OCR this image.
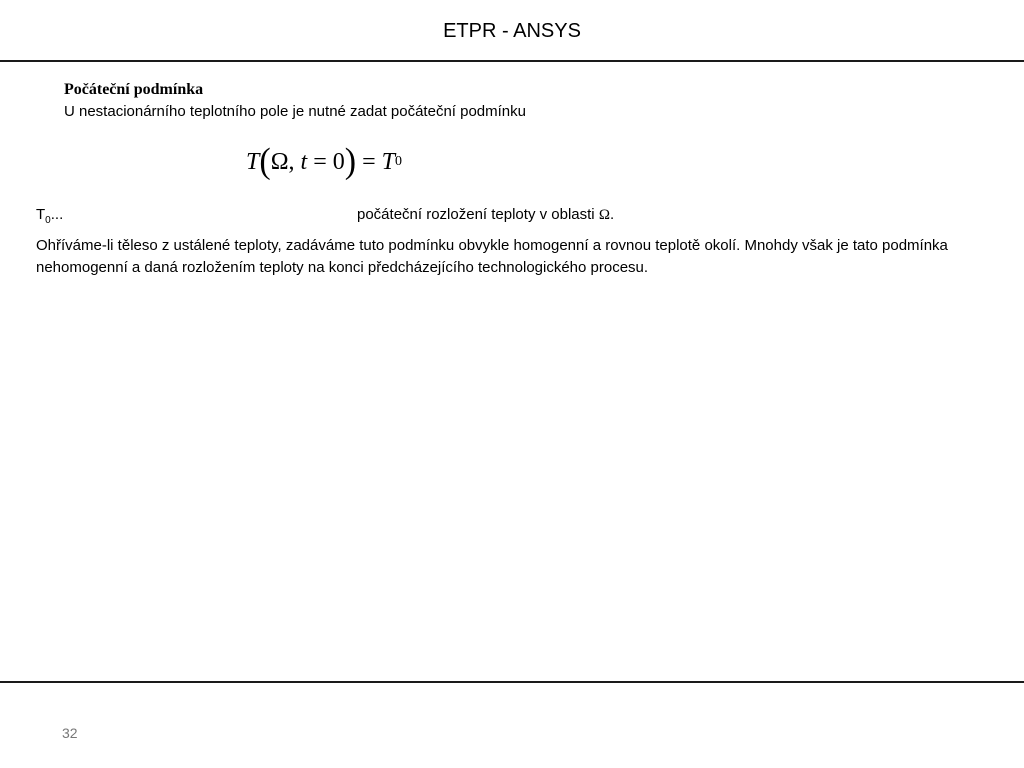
ETPR - ANSYS
Počáteční podmínka
U nestacionárního teplotního pole je nutné zadat počáteční podmínku
T ( Ω , t = 0 ) = T 0
$T_0$...	počáteční rozložení teploty v oblasti Ω.

Ohříváme-li těleso z ustálené teploty, zadáváme tuto podmínku obvykle homogenní a rovnou teplotě okolí. Mnohdy však je tato podmínka nehomogenní a daná rozložením teploty na konci předcházejícího technologického procesu.

32
